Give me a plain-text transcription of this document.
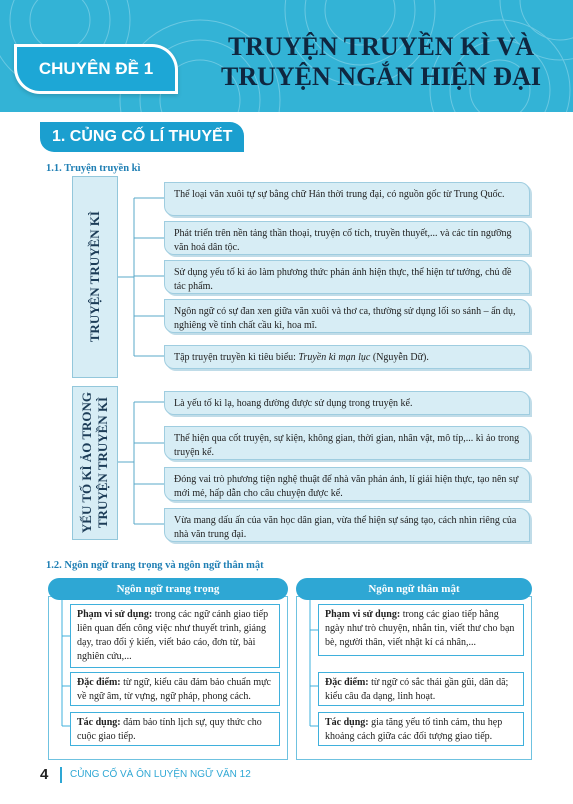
CHUYÊN ĐỀ 1
TRUYỆN TRUYỀN KÌ VÀ
TRUYỆN NGẮN HIỆN ĐẠI
1. CỦNG CỐ LÍ THUYẾT
1.1. Truyện truyền kì
TRUYỆN TRUYỀN KÌ
Thể loại văn xuôi tự sự bằng chữ Hán thời trung đại, có nguồn gốc từ Trung Quốc.
Phát triển trên nền tảng thần thoại, truyện cổ tích, truyền thuyết,... và các tín ngưỡng văn hoá dân tộc.
Sử dụng yếu tố kì ảo làm phương thức phản ánh hiện thực, thể hiện tư tưởng, chủ đề tác phẩm.
Ngôn ngữ có sự đan xen giữa văn xuôi và thơ ca, thường sử dụng lối so sánh – ẩn dụ, nghiêng về tính chất cầu kì, hoa mĩ.
Tập truyện truyền kì tiêu biểu: Truyền kì mạn lục (Nguyễn Dữ).
YẾU TỐ KÌ ẢO TRONG
TRUYỆN TRUYỀN KÌ	Là yếu tố kì lạ, hoang đường được sử dụng trong truyện kể.
Thể hiện qua cốt truyện, sự kiện, không gian, thời gian, nhân vật, mô típ,... kì ảo trong truyện kể.
Đóng vai trò phương tiện nghệ thuật để nhà văn phản ánh, lí giải hiện thực, tạo nên sự mới mẻ, hấp dẫn cho câu chuyện được kể.
Vừa mang dấu ấn của văn học dân gian, vừa thể hiện sự sáng tạo, cách nhìn riêng của nhà văn trung đại.
1.2. Ngôn ngữ trang trọng và ngôn ngữ thân mật
Ngôn ngữ trang trọng	Ngôn ngữ thân mật
Phạm vi sử dụng: trong các ngữ cảnh giao tiếp liên quan đến công việc như thuyết trình, giảng dạy, trao đổi ý kiến, viết báo cáo, đơn từ, bài nghiên cứu,...
Đặc điểm: từ ngữ, kiểu câu đảm bảo chuẩn mực về ngữ âm, từ vựng, ngữ pháp, phong cách.
Tác dụng: đảm bảo tính lịch sự, quy thức cho cuộc giao tiếp.
Phạm vi sử dụng: trong các giao tiếp hằng ngày như trò chuyện, nhắn tin, viết thư cho bạn bè, người thân, viết nhật kí cá nhân,...
Đặc điểm: từ ngữ có sắc thái gần gũi, dân dã; kiểu câu đa dạng, linh hoạt.
Tác dụng: gia tăng yếu tố tình cảm, thu hẹp khoảng cách giữa các đối tượng giao tiếp.
4 CỦNG CỐ VÀ ÔN LUYỆN NGỮ VĂN 12
